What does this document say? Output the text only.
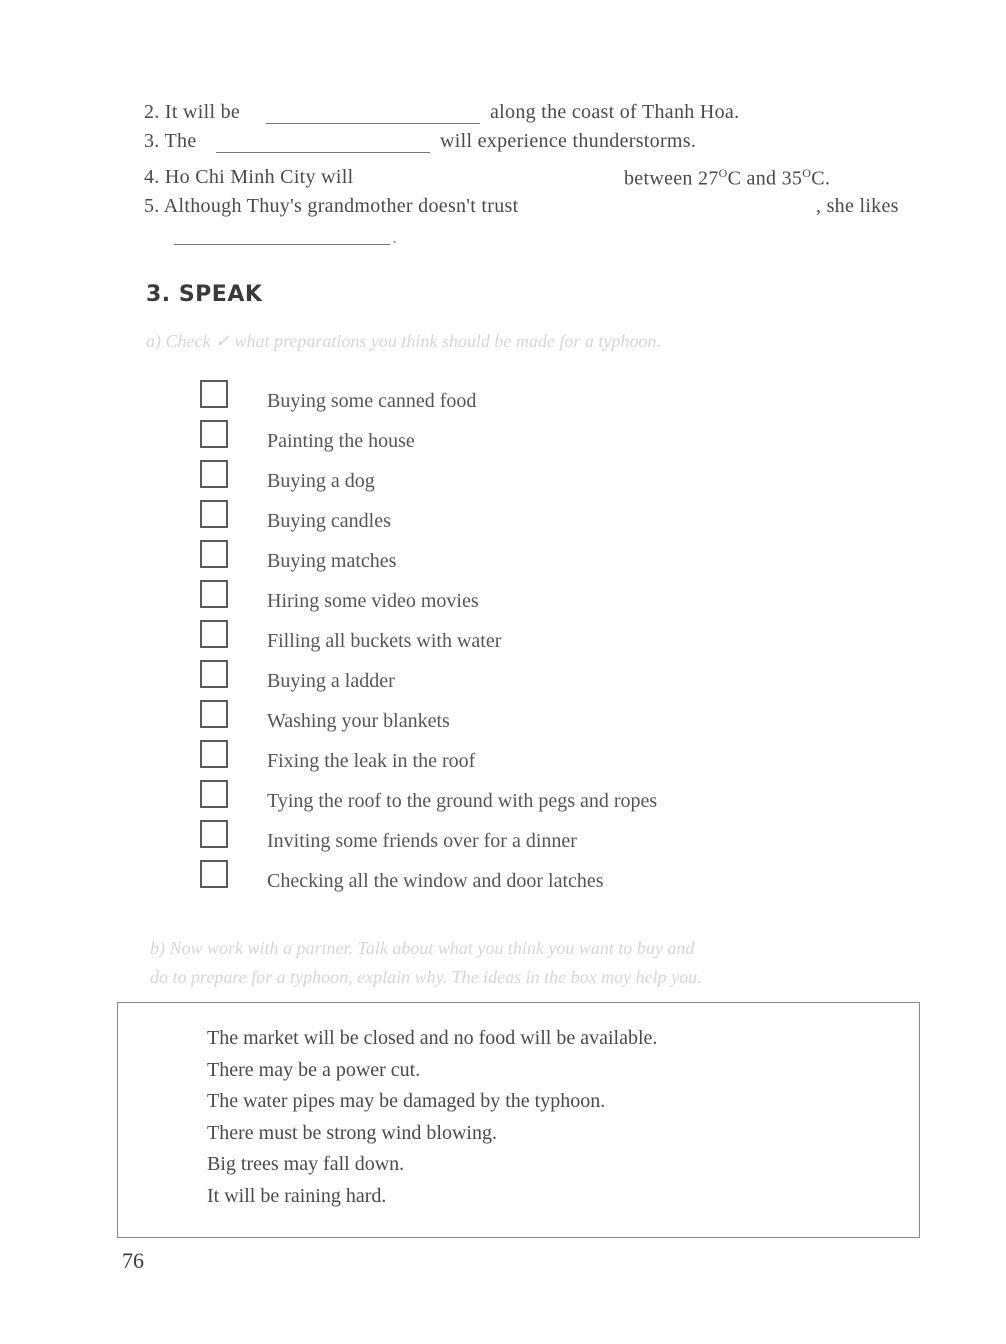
2. It will be	along the coast of Thanh Hoa.
3. The	will experience thunderstorms.
4. Ho Chi Minh City will	between $27^OC$ and $35^OC$.
5. Although Thuy's grandmother doesn't trust	, she likes
.
3. SPEAK
a) Check ✓ what preparations you think should be made for a typhoon.
Buying some canned food
Painting the house
Buying a dog
Buying candles
Buying matches
Hiring some video movies
Filling all buckets with water
Buying a ladder
Washing your blankets
Fixing the leak in the roof
Tying the roof to the ground with pegs and ropes
Inviting some friends over for a dinner
Checking all the window and door latches
b) Now work with a partner. Talk about what you think you want to buy and
do to prepare for a typhoon, explain why. The ideas in the box may help you.
The market will be closed and no food will be available.
There may be a power cut.
The water pipes may be damaged by the typhoon.
There must be strong wind blowing.
Big trees may fall down.
It will be raining hard.
76
